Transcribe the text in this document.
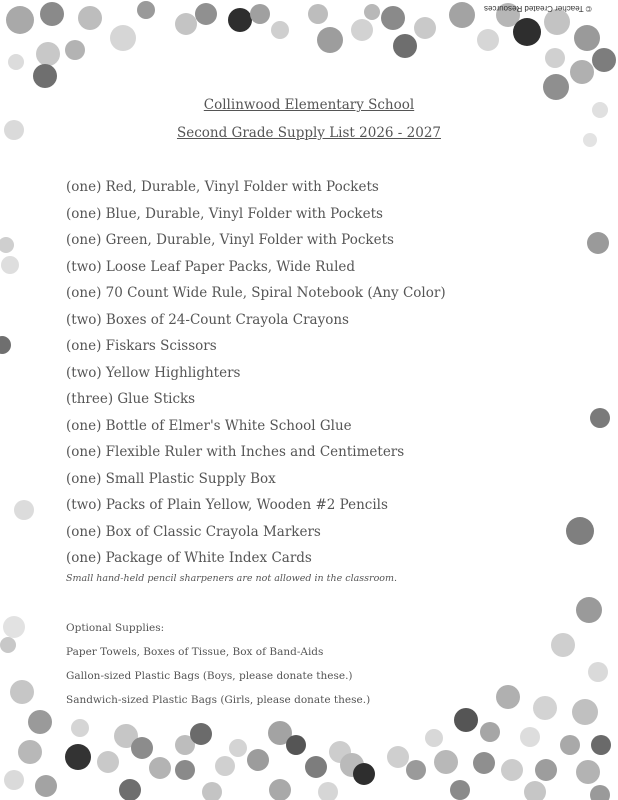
© Teacher Created Resources
Collinwood Elementary School
Second Grade Supply List 2026 - 2027
(one) Red, Durable, Vinyl Folder with Pockets
(one) Blue, Durable, Vinyl Folder with Pockets
(one) Green, Durable, Vinyl Folder with Pockets
(two) Loose Leaf Paper Packs, Wide Ruled
(one) 70 Count Wide Rule, Spiral Notebook (Any Color)
(two) Boxes of 24-Count Crayola Crayons
(one) Fiskars Scissors
(two) Yellow Highlighters
(three) Glue Sticks
(one) Bottle of Elmer's White School Glue
(one) Flexible Ruler with Inches and Centimeters
(one) Small Plastic Supply Box
(two) Packs of Plain Yellow, Wooden #2 Pencils
(one) Box of Classic Crayola Markers
(one) Package of White Index Cards
Small hand-held pencil sharpeners are not allowed in the classroom.
Optional Supplies:
Paper Towels, Boxes of Tissue, Box of Band-Aids
Gallon-sized Plastic Bags (Boys, please donate these.)
Sandwich-sized Plastic Bags (Girls, please donate these.)
